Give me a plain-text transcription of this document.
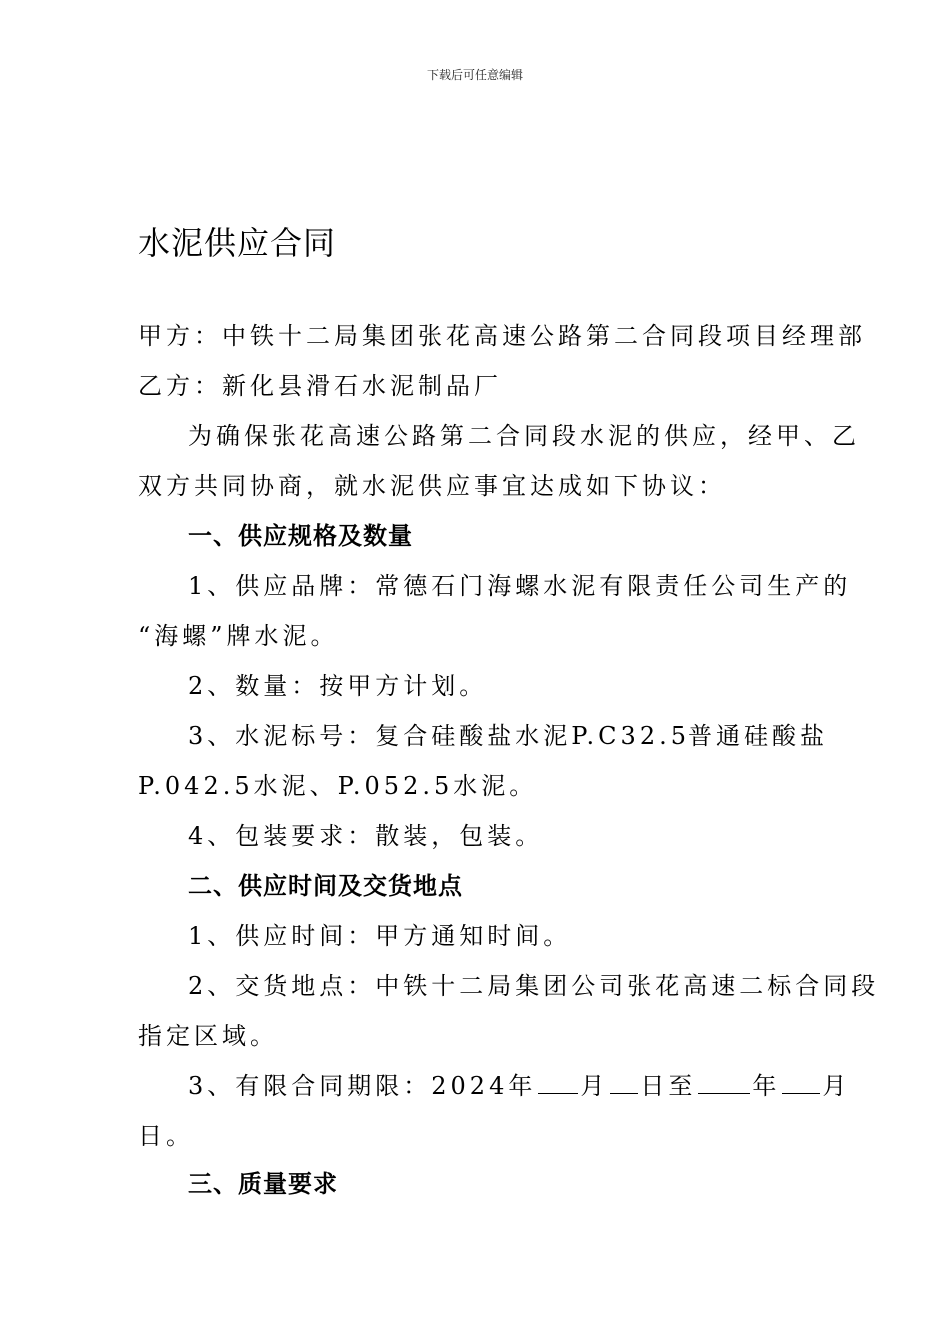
下载后可任意编辑
水泥供应合同
甲方：中铁十二局集团张花高速公路第二合同段项目经理部
乙方：新化县滑石水泥制品厂
为确保张花高速公路第二合同段水泥的供应，经甲、乙
双方共同协商，就水泥供应事宜达成如下协议：
一、供应规格及数量
1、供应品牌：常德石门海螺水泥有限责任公司生产的
“海螺”牌水泥。
2、数量：按甲方计划。
3、水泥标号：复合硅酸盐水泥P.C32.5
普通硅酸盐
P.042.5水泥、P.052.5水泥。
4、包装要求：散装，包装。
二、供应时间及交货地点
1、供应时间：甲方通知时间。
2、交货地点：中铁十二局集团公司张花高速二标合同段
指定区域。
3、有限合同期限：2024年 月 日至 年 月
日。
三、质量要求
